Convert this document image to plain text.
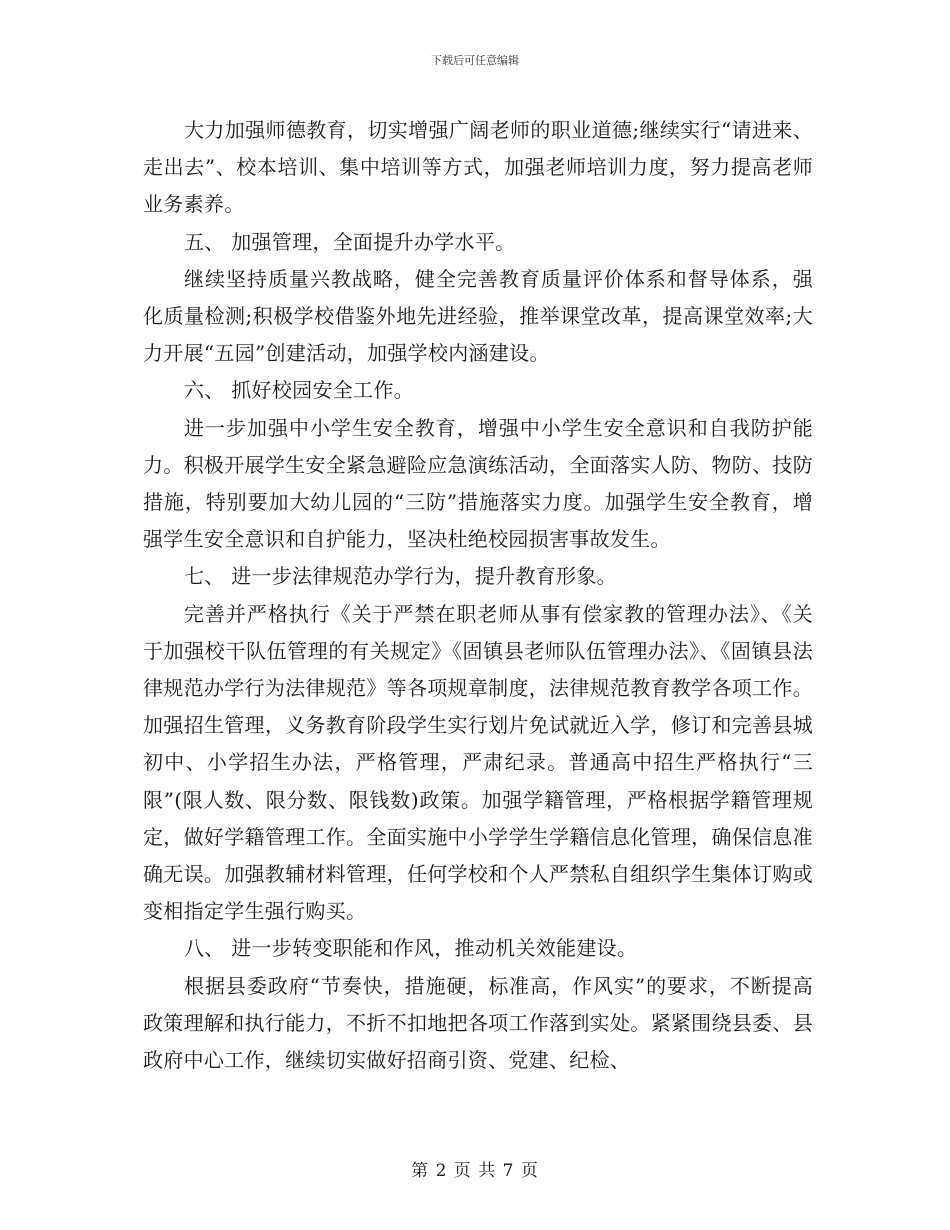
下载后可任意编辑

大力加强师德教育，切实增强广阔老师的职业道德;继续实行“请进来、走出去”、校本培训、集中培训等方式，加强老师培训力度，努力提高老师业务素养。

五、 加强管理，全面提升办学水平。

继续坚持质量兴教战略，健全完善教育质量评价体系和督导体系，强化质量检测;积极学校借鉴外地先进经验，推举课堂改革，提高课堂效率;大力开展“五园”创建活动，加强学校内涵建设。

六、 抓好校园安全工作。

进一步加强中小学生安全教育，增强中小学生安全意识和自我防护能力。积极开展学生安全紧急避险应急演练活动，全面落实人防、物防、技防措施，特别要加大幼儿园的“三防”措施落实力度。加强学生安全教育，增强学生安全意识和自护能力，坚决杜绝校园损害事故发生。

七、 进一步法律规范办学行为，提升教育形象。

完善并严格执行《关于严禁在职老师从事有偿家教的管理办法》、《关于加强校干队伍管理的有关规定》《固镇县老师队伍管理办法》、《固镇县法律规范办学行为法律规范》等各项规章制度，法律规范教育教学各项工作。加强招生管理，义务教育阶段学生实行划片免试就近入学，修订和完善县城初中、小学招生办法，严格管理，严肃纪录。普通高中招生严格执行“三限”(限人数、限分数、限钱数)政策。加强学籍管理，严格根据学籍管理规定，做好学籍管理工作。全面实施中小学学生学籍信息化管理，确保信息准确无误。加强教辅材料管理，任何学校和个人严禁私自组织学生集体订购或变相指定学生强行购买。

八、 进一步转变职能和作风，推动机关效能建设。

根据县委政府“节奏快，措施硬，标准高，作风实”的要求，不断提高政策理解和执行能力，不折不扣地把各项工作落到实处。紧紧围绕县委、县政府中心工作，继续切实做好招商引资、党建、纪检、

第 2 页 共 7 页
